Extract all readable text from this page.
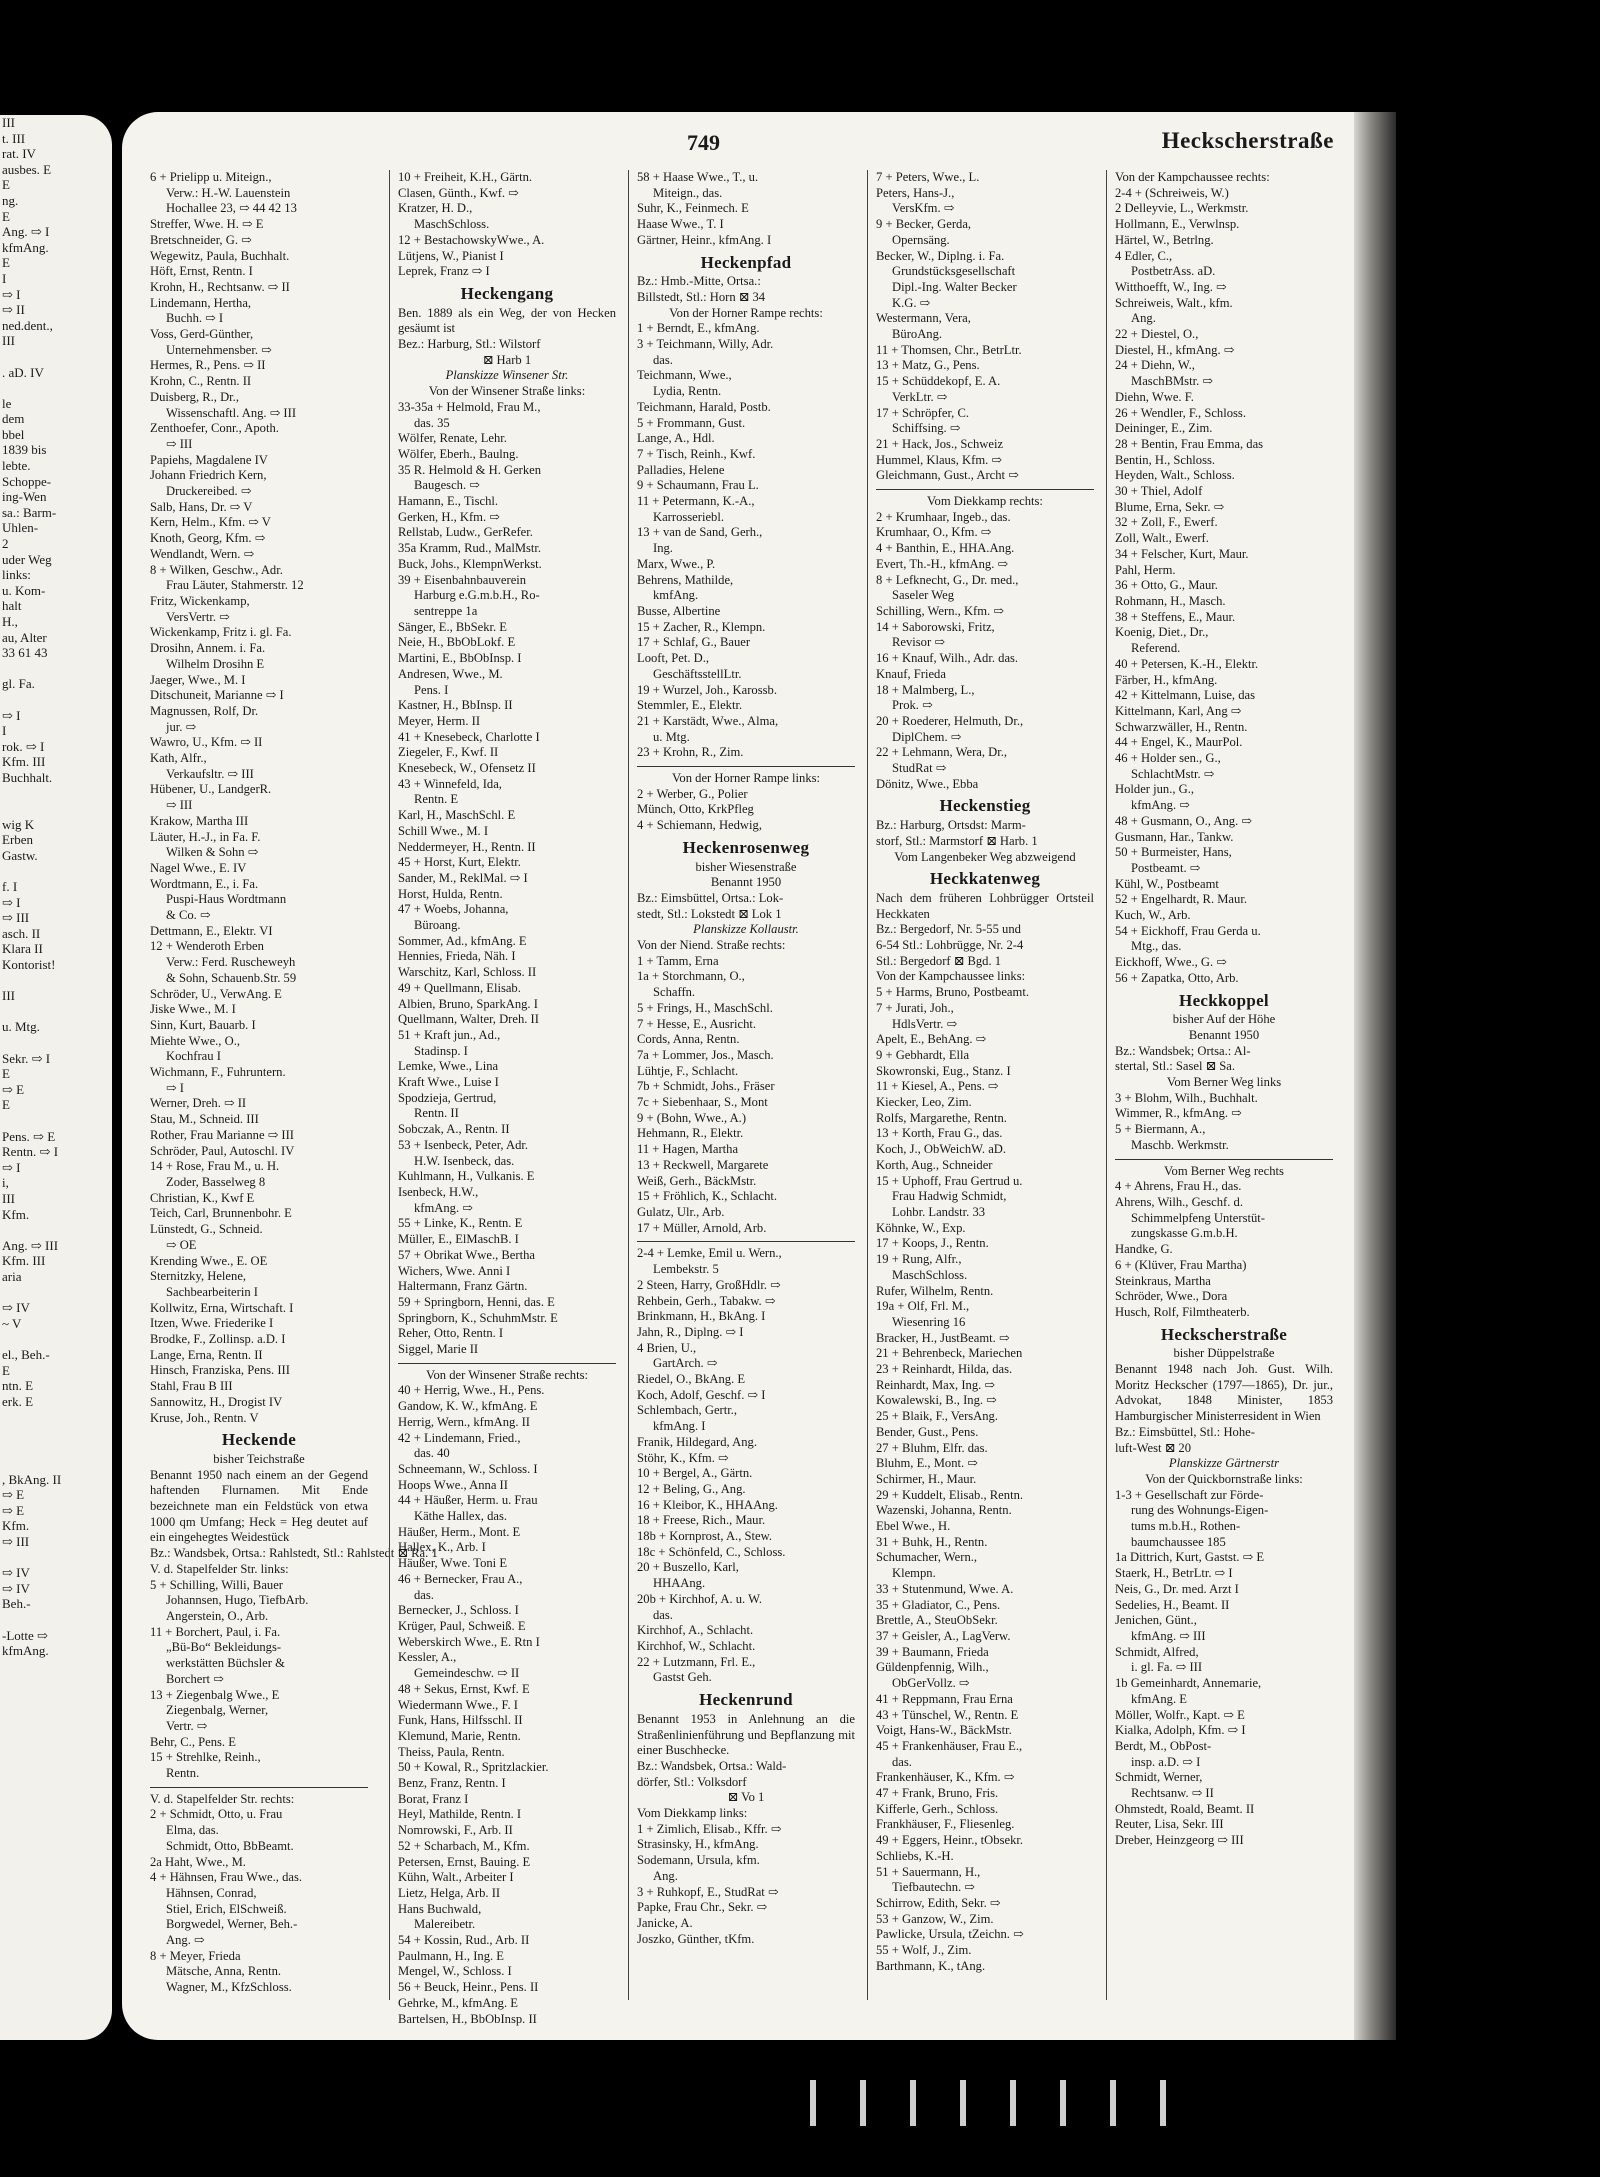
III
t. III
rat. IV
ausbes. E
E
ng.
E
Ang. ⇨ I
kfmAng.
E
I
⇨ I
⇨ II
ned.dent.,
III

. aD. IV

le
dem
bbel
1839 bis
lebte.
Schoppe-
ing-Wen
sa.: Barm-
Uhlen-
2
uder Weg
links:
u. Kom-
halt
H.,
au, Alter
33 61 43

gl. Fa.

⇨ I
I
rok. ⇨ I
Kfm. III
Buchhalt.

wig K
Erben
Gastw.

f. I
⇨ I
⇨ III
asch. II
Klara II
Kontorist!

III

u. Mtg.

Sekr. ⇨ I
E
⇨ E
E

Pens. ⇨ E
Rentn. ⇨ I
⇨ I
i,
III
Kfm.

Ang. ⇨ III
Kfm. III
aria

⇨ IV
~ V

el., Beh.-
E
ntn. E
erk. E

, BkAng. II
⇨ E
⇨ E
Kfm.
⇨ III

⇨ IV
⇨ IV
Beh.-

-Lotte ⇨
kfmAng.
749	Heckscherstraße
6 + Prielipp u. Miteign.,
Verw.: H.-W. Lauenstein
Hochallee 23, ⇨ 44 42 13
Streffer, Wwe. H. ⇨ E
Bretschneider, G. ⇨
Wegewitz, Paula, Buchhalt.
Höft, Ernst, Rentn. I
Krohn, H., Rechtsanw. ⇨ II
Lindemann, Hertha,
Buchh. ⇨ I
Voss, Gerd-Günther,
Unternehmensber. ⇨
Hermes, R., Pens. ⇨ II
Krohn, C., Rentn. II
Duisberg, R., Dr.,
Wissenschaftl. Ang. ⇨ III
Zenthoefer, Conr., Apoth.
⇨ III
Papiehs, Magdalene IV
Johann Friedrich Kern,
Druckereibed. ⇨
Salb, Hans, Dr. ⇨ V
Kern, Helm., Kfm. ⇨ V
Knoth, Georg, Kfm. ⇨
Wendlandt, Wern. ⇨
8 + Wilken, Geschw., Adr.
Frau Läuter, Stahmerstr. 12
Fritz, Wickenkamp,
VersVertr. ⇨
Wickenkamp, Fritz i. gl. Fa.
Drosihn, Annem. i. Fa.
Wilhelm Drosihn E
Jaeger, Wwe., M. I
Ditschuneit, Marianne ⇨ I
Magnussen, Rolf, Dr.
jur. ⇨
Wawro, U., Kfm. ⇨ II
Kath, Alfr.,
Verkaufsltr. ⇨ III
Hübener, U., LandgerR.
⇨ III
Krakow, Martha III
Läuter, H.-J., in Fa. F.
Wilken & Sohn ⇨
Nagel Wwe., E. IV
Wordtmann, E., i. Fa.
Puspi-Haus Wordtmann
& Co. ⇨
Dettmann, E., Elektr. VI
12 + Wenderoth Erben
Verw.: Ferd. Ruscheweyh
& Sohn, Schauenb.Str. 59
Schröder, U., VerwAng. E
Jiske Wwe., M. I
Sinn, Kurt, Bauarb. I
Miehte Wwe., O.,
Kochfrau I
Wichmann, F., Fuhruntern.
⇨ I
Werner, Dreh. ⇨ II
Stau, M., Schneid. III
Rother, Frau Marianne ⇨ III
Schröder, Paul, Autoschl. IV
14 + Rose, Frau M., u. H.
Zoder, Basselweg 8
Christian, K., Kwf E
Teich, Carl, Brunnenbohr. E
Lünstedt, G., Schneid.
⇨ OE
Krending Wwe., E. OE
Sternitzky, Helene,
Sachbearbeiterin I
Kollwitz, Erna, Wirtschaft. I
Itzen, Wwe. Friederike I
Brodke, F., Zollinsp. a.D. I
Lange, Erna, Rentn. II
Hinsch, Franziska, Pens. III
Stahl, Frau B III
Sannowitz, H., Drogist IV
Kruse, Joh., Rentn. V
Heckende
bisher Teichstraße
Benannt 1950 nach einem an der Gegend haftenden Flurnamen. Mit Ende bezeichnete man ein Feldstück von etwa 1000 qm Umfang; Heck = Heg deutet auf ein eingehegtes Weidestück
Bz.: Wandsbek, Ortsa.: Rahlstedt, Stl.: Rahlstedt ⊠ Ra. 1
V. d. Stapelfelder Str. links:
5 + Schilling, Willi, Bauer
Johannsen, Hugo, TiefbArb.
Angerstein, O., Arb.
11 + Borchert, Paul, i. Fa.
„Bü-Bo“ Bekleidungs-
werkstätten Büchsler &
Borchert ⇨
13 + Ziegenbalg Wwe., E
Ziegenbalg, Werner,
Vertr. ⇨
Behr, C., Pens. E
15 + Strehlke, Reinh.,
Rentn.
V. d. Stapelfelder Str. rechts:
2 + Schmidt, Otto, u. Frau
Elma, das.
Schmidt, Otto, BbBeamt.
2a Haht, Wwe., M.
4 + Hähnsen, Frau Wwe., das.
Hähnsen, Conrad,
Stiel, Erich, ElSchweiß.
Borgwedel, Werner, Beh.-
Ang. ⇨
8 + Meyer, Frieda
Mätsche, Anna, Rentn.
Wagner, M., KfzSchloss.
10 + Freiheit, K.H., Gärtn.
Clasen, Günth., Kwf. ⇨
Kratzer, H. D.,
MaschSchloss.
12 + BestachowskyWwe., A.
Lütjens, W., Pianist I
Leprek, Franz ⇨ I
Heckengang
Ben. 1889 als ein Weg, der von Hecken gesäumt ist
Bez.: Harburg, Stl.: Wilstorf
⊠ Harb 1
Planskizze Winsener Str.
Von der Winsener Straße links:
33-35a + Helmold, Frau M.,
das. 35
Wölfer, Renate, Lehr.
Wölfer, Eberh., Baulng.
35 R. Helmold & H. Gerken
Baugesch. ⇨
Hamann, E., Tischl.
Gerken, H., Kfm. ⇨
Rellstab, Ludw., GerRefer.
35a Kramm, Rud., MalMstr.
Buck, Johs., KlempnWerkst.
39 + Eisenbahnbauverein
Harburg e.G.m.b.H., Ro-
sentreppe 1a
Sänger, E., BbSekr. E
Neie, H., BbObLokf. E
Martini, E., BbObInsp. I
Andresen, Wwe., M.
Pens. I
Kastner, H., BbInsp. II
Meyer, Herm. II
41 + Knesebeck, Charlotte I
Ziegeler, F., Kwf. II
Knesebeck, W., Ofensetz II
43 + Winnefeld, Ida,
Rentn. E
Karl, H., MaschSchl. E
Schill Wwe., M. I
Neddermeyer, H., Rentn. II
45 + Horst, Kurt, Elektr.
Sander, M., ReklMal. ⇨ I
Horst, Hulda, Rentn.
47 + Woebs, Johanna,
Büroang.
Sommer, Ad., kfmAng. E
Hennies, Frieda, Näh. I
Warschitz, Karl, Schloss. II
49 + Quellmann, Elisab.
Albien, Bruno, SparkAng. I
Quellmann, Walter, Dreh. II
51 + Kraft jun., Ad.,
Stadinsp. I
Lemke, Wwe., Lina
Kraft Wwe., Luise I
Spodzieja, Gertrud,
Rentn. II
Sobczak, A., Rentn. II
53 + Isenbeck, Peter, Adr.
H.W. Isenbeck, das.
Kuhlmann, H., Vulkanis. E
Isenbeck, H.W.,
kfmAng. ⇨
55 + Linke, K., Rentn. E
Müller, E., ElMaschB. I
57 + Obrikat Wwe., Bertha
Wichers, Wwe. Anni I
Haltermann, Franz Gärtn.
59 + Springborn, Henni, das. E
Springborn, K., SchuhmMstr. E
Reher, Otto, Rentn. I
Siggel, Marie II
Von der Winsener Straße rechts:
40 + Herrig, Wwe., H., Pens.
Gandow, K. W., kfmAng. E
Herrig, Wern., kfmAng. II
42 + Lindemann, Fried.,
das. 40
Schneemann, W., Schloss. I
Hoops Wwe., Anna II
44 + Häußer, Herm. u. Frau
Käthe Hallex, das.
Häußer, Herm., Mont. E
Hallex, K., Arb. I
Häußer, Wwe. Toni E
46 + Bernecker, Frau A.,
das.
Bernecker, J., Schloss. I
Krüger, Paul, Schweiß. E
Weberskirch Wwe., E. Rtn I
Kessler, A.,
Gemeindeschw. ⇨ II
48 + Sekus, Ernst, Kwf. E
Wiedermann Wwe., F. I
Funk, Hans, Hilfsschl. II
Klemund, Marie, Rentn.
Theiss, Paula, Rentn.
50 + Kowal, R., Spritzlackier.
Benz, Franz, Rentn. I
Borat, Franz I
Heyl, Mathilde, Rentn. I
Nomrowski, F., Arb. II
52 + Scharbach, M., Kfm.
Petersen, Ernst, Bauing. E
Kühn, Walt., Arbeiter I
Lietz, Helga, Arb. II
Hans Buchwald,
Malereibetr.
54 + Kossin, Rud., Arb. II
Paulmann, H., Ing. E
Mengel, W., Schloss. I
56 + Beuck, Heinr., Pens. II
Gehrke, M., kfmAng. E
Bartelsen, H., BbObInsp. II
58 + Haase Wwe., T., u.
Miteign., das.
Suhr, K., Feinmech. E
Haase Wwe., T. I
Gärtner, Heinr., kfmAng. I
Heckenpfad
Bz.: Hmb.-Mitte, Ortsa.:
Billstedt, Stl.: Horn ⊠ 34
Von der Horner Rampe rechts:
1 + Berndt, E., kfmAng.
3 + Teichmann, Willy, Adr.
das.
Teichmann, Wwe.,
Lydia, Rentn.
Teichmann, Harald, Postb.
5 + Frommann, Gust.
Lange, A., Hdl.
7 + Tisch, Reinh., Kwf.
Palladies, Helene
9 + Schaumann, Frau L.
11 + Petermann, K.-A.,
Karrosseriebl.
13 + van de Sand, Gerh.,
Ing.
Marx, Wwe., P.
Behrens, Mathilde,
kmfAng.
Busse, Albertine
15 + Zacher, R., Klempn.
17 + Schlaf, G., Bauer
Looft, Pet. D.,
GeschäftsstellLtr.
19 + Wurzel, Joh., Karossb.
Stemmler, E., Elektr.
21 + Karstädt, Wwe., Alma,
u. Mtg.
23 + Krohn, R., Zim.
Von der Horner Rampe links:
2 + Werber, G., Polier
Münch, Otto, KrkPfleg
4 + Schiemann, Hedwig,
Heckenrosenweg
bisher Wiesenstraße
Benannt 1950
Bz.: Eimsbüttel, Ortsa.: Lok-
stedt, Stl.: Lokstedt ⊠ Lok 1
Planskizze Kollaustr.
Von der Niend. Straße rechts:
1 + Tamm, Erna
1a + Storchmann, O.,
Schaffn.
5 + Frings, H., MaschSchl.
7 + Hesse, E., Ausricht.
Cords, Anna, Rentn.
7a + Lommer, Jos., Masch.
Lühtje, F., Schlacht.
7b + Schmidt, Johs., Fräser
7c + Siebenhaar, S., Mont
9 + (Bohn, Wwe., A.)
Hehmann, R., Elektr.
11 + Hagen, Martha
13 + Reckwell, Margarete
Weiß, Gerh., BäckMstr.
15 + Fröhlich, K., Schlacht.
Gulatz, Ulr., Arb.
17 + Müller, Arnold, Arb.
2-4 + Lemke, Emil u. Wern.,
Lembekstr. 5
2 Steen, Harry, GroßHdlr. ⇨
Rehbein, Gerh., Tabakw. ⇨
Brinkmann, H., BkAng. I
Jahn, R., Diplng. ⇨ I
4 Brien, U.,
GartArch. ⇨
Riedel, O., BkAng. E
Koch, Adolf, Geschf. ⇨ I
Schlembach, Gertr.,
kfmAng. I
Franik, Hildegard, Ang.
Stöhr, K., Kfm. ⇨
10 + Bergel, A., Gärtn.
12 + Beling, G., Ang.
16 + Kleibor, K., HHAAng.
18 + Freese, Rich., Maur.
18b + Kornprost, A., Stew.
18c + Schönfeld, C., Schloss.
20 + Buszello, Karl,
HHAAng.
20b + Kirchhof, A. u. W.
das.
Kirchhof, A., Schlacht.
Kirchhof, W., Schlacht.
22 + Lutzmann, Frl. E.,
Gastst Geh.
Heckenrund
Benannt 1953 in Anlehnung an die Straßenlinienführung und Bepflanzung mit einer Buschhecke.
Bz.: Wandsbek, Ortsa.: Wald-
dörfer, Stl.: Volksdorf
⊠ Vo 1
Vom Diekkamp links:
1 + Zimlich, Elisab., Kffr. ⇨
Strasinsky, H., kfmAng.
Sodemann, Ursula, kfm.
Ang.
3 + Ruhkopf, E., StudRat ⇨
Papke, Frau Chr., Sekr. ⇨
Janicke, A.
Joszko, Günther, tKfm.
7 + Peters, Wwe., L.
Peters, Hans-J.,
VersKfm. ⇨
9 + Becker, Gerda,
Opernsäng.
Becker, W., Diplng. i. Fa.
Grundstücksgesellschaft
Dipl.-Ing. Walter Becker
K.G. ⇨
Westermann, Vera,
BüroAng.
11 + Thomsen, Chr., BetrLtr.
13 + Matz, G., Pens.
15 + Schüddekopf, E. A.
VerkLtr. ⇨
17 + Schröpfer, C.
Schiffsing. ⇨
21 + Hack, Jos., Schweiz
Hummel, Klaus, Kfm. ⇨
Gleichmann, Gust., Archt ⇨
Vom Diekkamp rechts:
2 + Krumhaar, Ingeb., das.
Krumhaar, O., Kfm. ⇨
4 + Banthin, E., HHA.Ang.
Evert, Th.-H., kfmAng. ⇨
8 + Lefknecht, G., Dr. med.,
Saseler Weg
Schilling, Wern., Kfm. ⇨
14 + Saborowski, Fritz,
Revisor ⇨
16 + Knauf, Wilh., Adr. das.
Knauf, Frieda
18 + Malmberg, L.,
Prok. ⇨
20 + Roederer, Helmuth, Dr.,
DiplChem. ⇨
22 + Lehmann, Wera, Dr.,
StudRat ⇨
Dönitz, Wwe., Ebba
Heckenstieg
Bz.: Harburg, Ortsdst: Marm-
storf, Stl.: Marmstorf ⊠ Harb. 1
Vom Langenbeker Weg abzweigend
Heckkatenweg
Nach dem früheren Lohbrügger Ortsteil Heckkaten
Bz.: Bergedorf, Nr. 5-55 und
6-54 Stl.: Lohbrügge, Nr. 2-4
Stl.: Bergedorf ⊠ Bgd. 1
Von der Kampchaussee links:
5 + Harms, Bruno, Postbeamt.
7 + Jurati, Joh.,
HdlsVertr. ⇨
Apelt, E., BehAng. ⇨
9 + Gebhardt, Ella
Skowronski, Eug., Stanz. I
11 + Kiesel, A., Pens. ⇨
Kiecker, Leo, Zim.
Rolfs, Margarethe, Rentn.
13 + Korth, Frau G., das.
Koch, J., ObWeichW. aD.
Korth, Aug., Schneider
15 + Uphoff, Frau Gertrud u.
Frau Hadwig Schmidt,
Lohbr. Landstr. 33
Köhnke, W., Exp.
17 + Koops, J., Rentn.
19 + Rung, Alfr.,
MaschSchloss.
Rufer, Wilhelm, Rentn.
19a + Olf, Frl. M.,
Wiesenring 16
Bracker, H., JustBeamt. ⇨
21 + Behrenbeck, Mariechen
23 + Reinhardt, Hilda, das.
Reinhardt, Max, Ing. ⇨
Kowalewski, B., Ing. ⇨
25 + Blaik, F., VersAng.
Bender, Gust., Pens.
27 + Bluhm, Elfr. das.
Bluhm, E., Mont. ⇨
Schirmer, H., Maur.
29 + Kuddelt, Elisab., Rentn.
Wazenski, Johanna, Rentn.
Ebel Wwe., H.
31 + Buhk, H., Rentn.
Schumacher, Wern.,
Klempn.
33 + Stutenmund, Wwe. A.
35 + Gladiator, C., Pens.
Brettle, A., SteuObSekr.
37 + Geisler, A., LagVerw.
39 + Baumann, Frieda
Güldenpfennig, Wilh.,
ObGerVollz. ⇨
41 + Reppmann, Frau Erna
43 + Tünschel, W., Rentn. E
Voigt, Hans-W., BäckMstr.
45 + Frankenhäuser, Frau E.,
das.
Frankenhäuser, K., Kfm. ⇨
47 + Frank, Bruno, Fris.
Kifferle, Gerh., Schloss.
Frankhäuser, F., Fliesenleg.
49 + Eggers, Heinr., tObsekr.
Schliebs, K.-H.
51 + Sauermann, H.,
Tiefbautechn. ⇨
Schirrow, Edith, Sekr. ⇨
53 + Ganzow, W., Zim.
Pawlicke, Ursula, tZeichn. ⇨
55 + Wolf, J., Zim.
Barthmann, K., tAng.
Von der Kampchaussee rechts:
2-4 + (Schreiweis, W.)
2 Delleyvie, L., Werkmstr.
Hollmann, E., Verwlnsp.
Härtel, W., Betrlng.
4 Edler, C.,
PostbetrAss. aD.
Witthoefft, W., Ing. ⇨
Schreiweis, Walt., kfm.
Ang.
22 + Diestel, O.,
Diestel, H., kfmAng. ⇨
24 + Diehn, W.,
MaschBMstr. ⇨
Diehn, Wwe. F.
26 + Wendler, F., Schloss.
Deininger, E., Zim.
28 + Bentin, Frau Emma, das
Bentin, H., Schloss.
Heyden, Walt., Schloss.
30 + Thiel, Adolf
Blume, Erna, Sekr. ⇨
32 + Zoll, F., Ewerf.
Zoll, Walt., Ewerf.
34 + Felscher, Kurt, Maur.
Pahl, Herm.
36 + Otto, G., Maur.
Rohmann, H., Masch.
38 + Steffens, E., Maur.
Koenig, Diet., Dr.,
Referend.
40 + Petersen, K.-H., Elektr.
Färber, H., kfmAng.
42 + Kittelmann, Luise, das
Kittelmann, Karl, Ang ⇨
Schwarzwäller, H., Rentn.
44 + Engel, K., MaurPol.
46 + Holder sen., G.,
SchlachtMstr. ⇨
Holder jun., G.,
kfmAng. ⇨
48 + Gusmann, O., Ang. ⇨
Gusmann, Har., Tankw.
50 + Burmeister, Hans,
Postbeamt. ⇨
Kühl, W., Postbeamt
52 + Engelhardt, R. Maur.
Kuch, W., Arb.
54 + Eickhoff, Frau Gerda u.
Mtg., das.
Eickhoff, Wwe., G. ⇨
56 + Zapatka, Otto, Arb.
Heckkoppel
bisher Auf der Höhe
Benannt 1950
Bz.: Wandsbek; Ortsa.: Al-
stertal, Stl.: Sasel ⊠ Sa.
Vom Berner Weg links
3 + Blohm, Wilh., Buchhalt.
Wimmer, R., kfmAng. ⇨
5 + Biermann, A.,
Maschb. Werkmstr.
Vom Berner Weg rechts
4 + Ahrens, Frau H., das.
Ahrens, Wilh., Geschf. d.
Schimmelpfeng Unterstüt-
zungskasse G.m.b.H.
Handke, G.
6 + (Klüver, Frau Martha)
Steinkraus, Martha
Schröder, Wwe., Dora
Husch, Rolf, Filmtheaterb.
Heckscherstraße
bisher Düppelstraße
Benannt 1948 nach Joh. Gust. Wilh. Moritz Heckscher (1797—1865), Dr. jur., Advokat, 1848 Minister, 1853 Hamburgischer Ministerresident in Wien
Bz.: Eimsbüttel, Stl.: Hohe-
luft-West ⊠ 20
Planskizze Gärtnerstr
Von der Quickbornstraße links:
1-3 + Gesellschaft zur Förde-
rung des Wohnungs-Eigen-
tums m.b.H., Rothen-
baumchaussee 185
1a Dittrich, Kurt, Gastst. ⇨ E
Staerk, H., BetrLtr. ⇨ I
Neis, G., Dr. med. Arzt I
Sedelies, H., Beamt. II
Jenichen, Günt.,
kfmAng. ⇨ III
Schmidt, Alfred,
i. gl. Fa. ⇨ III
1b Gemeinhardt, Annemarie,
kfmAng. E
Möller, Wolfr., Kapt. ⇨ E
Kialka, Adolph, Kfm. ⇨ I
Berdt, M., ObPost-
insp. a.D. ⇨ I
Schmidt, Werner,
Rechtsanw. ⇨ II
Ohmstedt, Roald, Beamt. II
Reuter, Lisa, Sekr. III
Dreber, Heinzgeorg ⇨ III
